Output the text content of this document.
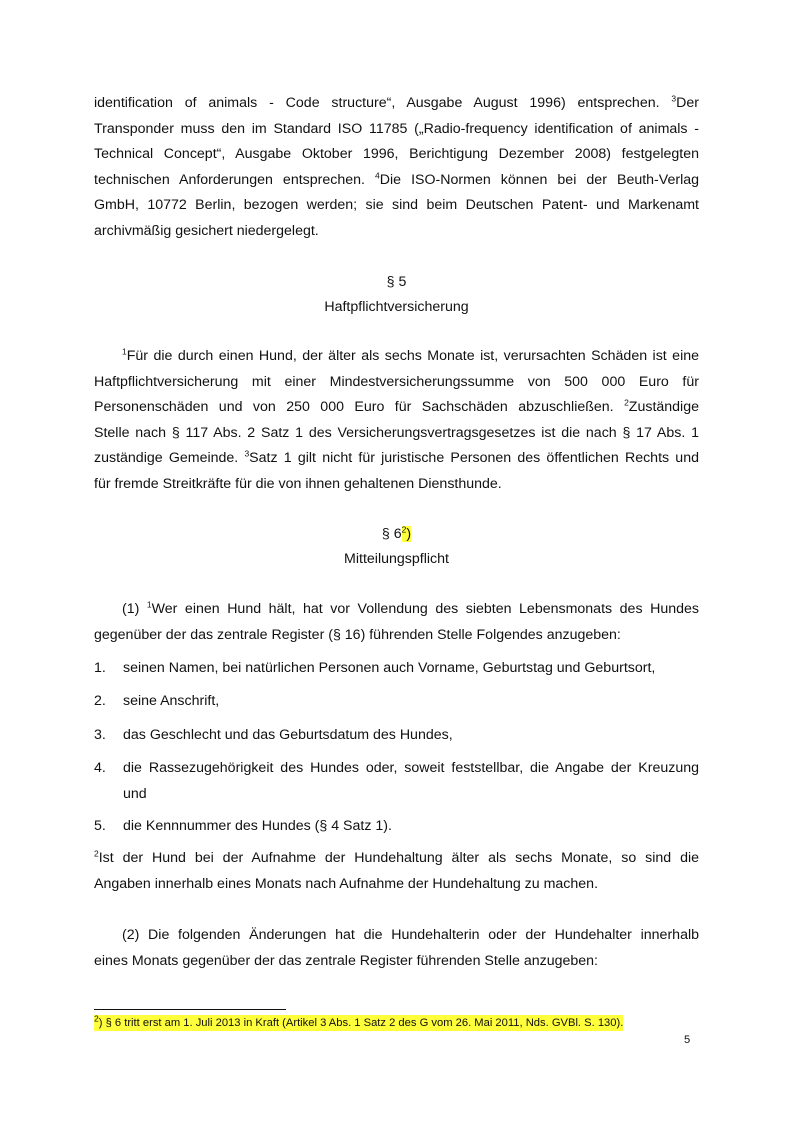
identification of animals - Code structure“, Ausgabe August 1996) entsprechen. $^3$Der
Transponder muss den im Standard ISO 11785 („Radio-frequency identification of animals -
Technical Concept“, Ausgabe Oktober 1996, Berichtigung Dezember 2008) festgelegten
technischen Anforderungen entsprechen. $^4$Die ISO-Normen können bei der Beuth-Verlag
GmbH, 10772 Berlin, bezogen werden; sie sind beim Deutschen Patent- und Markenamt
archivmäßig gesichert niedergelegt.
§ 5
Haftpflichtversicherung
$^1$Für die durch einen Hund, der älter als sechs Monate ist, verursachten Schäden ist eine
Haftpflichtversicherung mit einer Mindestversicherungssumme von 500 000 Euro für
Personenschäden und von 250 000 Euro für Sachschäden abzuschließen. $^2$Zuständige
Stelle nach § 117 Abs. 2 Satz 1 des Versicherungsvertragsgesetzes ist die nach § 17 Abs. 1
zuständige Gemeinde. $^3$Satz 1 gilt nicht für juristische Personen des öffentlichen Rechts und
für fremde Streitkräfte für die von ihnen gehaltenen Diensthunde.
§ $6^2$)
Mitteilungspflicht
(1) $^1$Wer einen Hund hält, hat vor Vollendung des siebten Lebensmonats des Hundes
gegenüber der das zentrale Register (§ 16) führenden Stelle Folgendes anzugeben:
1. seinen Namen, bei natürlichen Personen auch Vorname, Geburtstag und Geburtsort,
2. seine Anschrift,
3. das Geschlecht und das Geburtsdatum des Hundes,
4. die Rassezugehörigkeit des Hundes oder, soweit feststellbar, die Angabe der Kreuzung
und
5. die Kennnummer des Hundes (§ 4 Satz 1).
$^2$Ist der Hund bei der Aufnahme der Hundehaltung älter als sechs Monate, so sind die
Angaben innerhalb eines Monats nach Aufnahme der Hundehaltung zu machen.
(2) Die folgenden Änderungen hat die Hundehalterin oder der Hundehalter innerhalb
eines Monats gegenüber der das zentrale Register führenden Stelle anzugeben:
$^2$) § 6 tritt erst am 1. Juli 2013 in Kraft (Artikel 3 Abs. 1 Satz 2 des G vom 26. Mai 2011, Nds. GVBl. S. 130).
5
